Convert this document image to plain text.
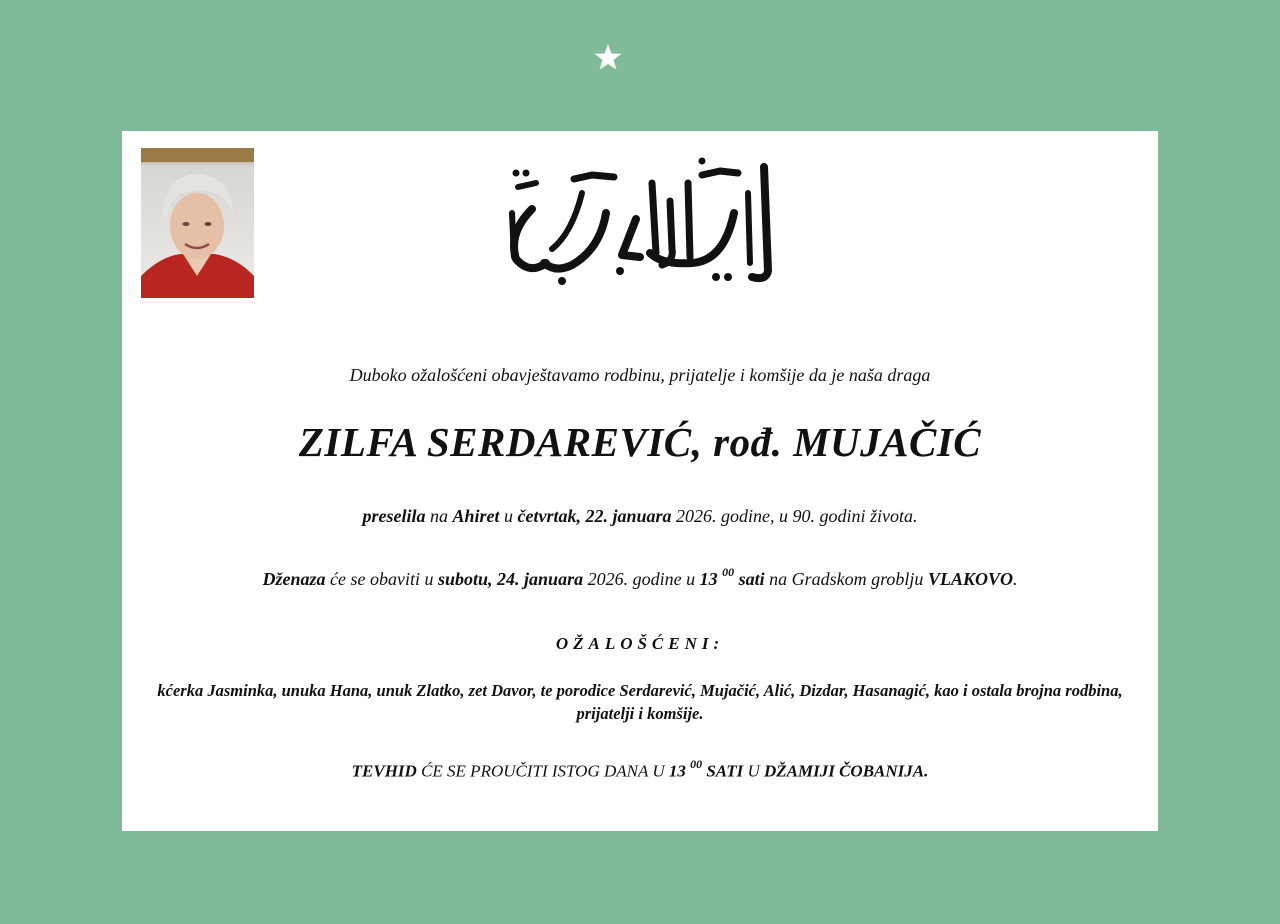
Duboko ožalošćeni obavještavamo rodbinu, prijatelje i komšije da je naša draga
ZILFA SERDAREVIĆ, rođ. MUJAČIĆ
preselila na Ahiret u četvrtak, 22. januara 2026. godine, u 90. godini života.
Dženaza će se obaviti u subotu, 24. januara 2026. godine u 13 $^{00}$ sati na Gradskom groblju VLAKOVO.
OŽALOŠĆENI:
kćerka Jasminka, unuka Hana, unuk Zlatko, zet Davor, te porodice Serdarević, Mujačić, Alić, Dizdar, Hasanagić, kao i ostala brojna rodbina, prijatelji i komšije.
TEVHID ĆE SE PROUČITI ISTOG DANA U 13 $^{00}$ SATI U DŽAMIJI ČOBANIJA.
